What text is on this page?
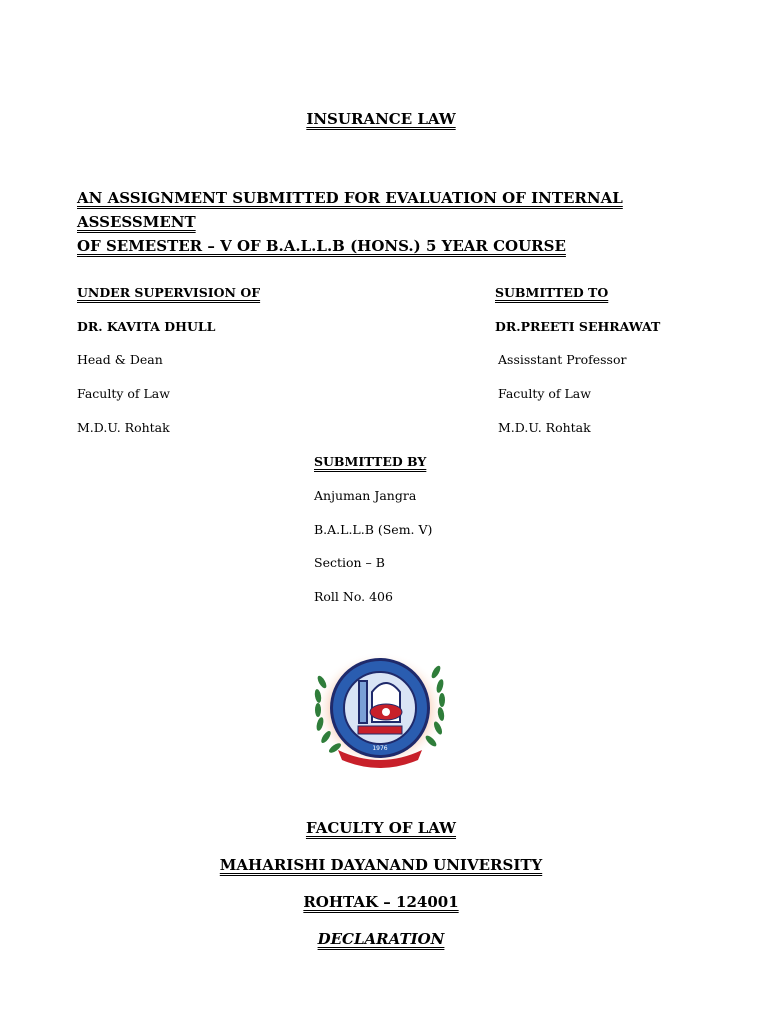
INSURANCE LAW
AN ASSIGNMENT SUBMITTED FOR EVALUATION OF INTERNAL ASSESSMENT
OF SEMESTER – V OF B.A.L.L.B (HONS.) 5 YEAR COURSE
UNDER SUPERVISION OF
DR. KAVITA DHULL
Head & Dean
Faculty of Law
M.D.U. Rohtak
SUBMITTED TO
DR.PREETI SEHRAWAT
Assisstant Professor
Faculty of Law
M.D.U. Rohtak
SUBMITTED BY
Anjuman Jangra
B.A.L.L.B (Sem. V)
Section – B
Roll No. 406
1976
FACULTY OF LAW
MAHARISHI DAYANAND UNIVERSITY
ROHTAK – 124001
DECLARATION
